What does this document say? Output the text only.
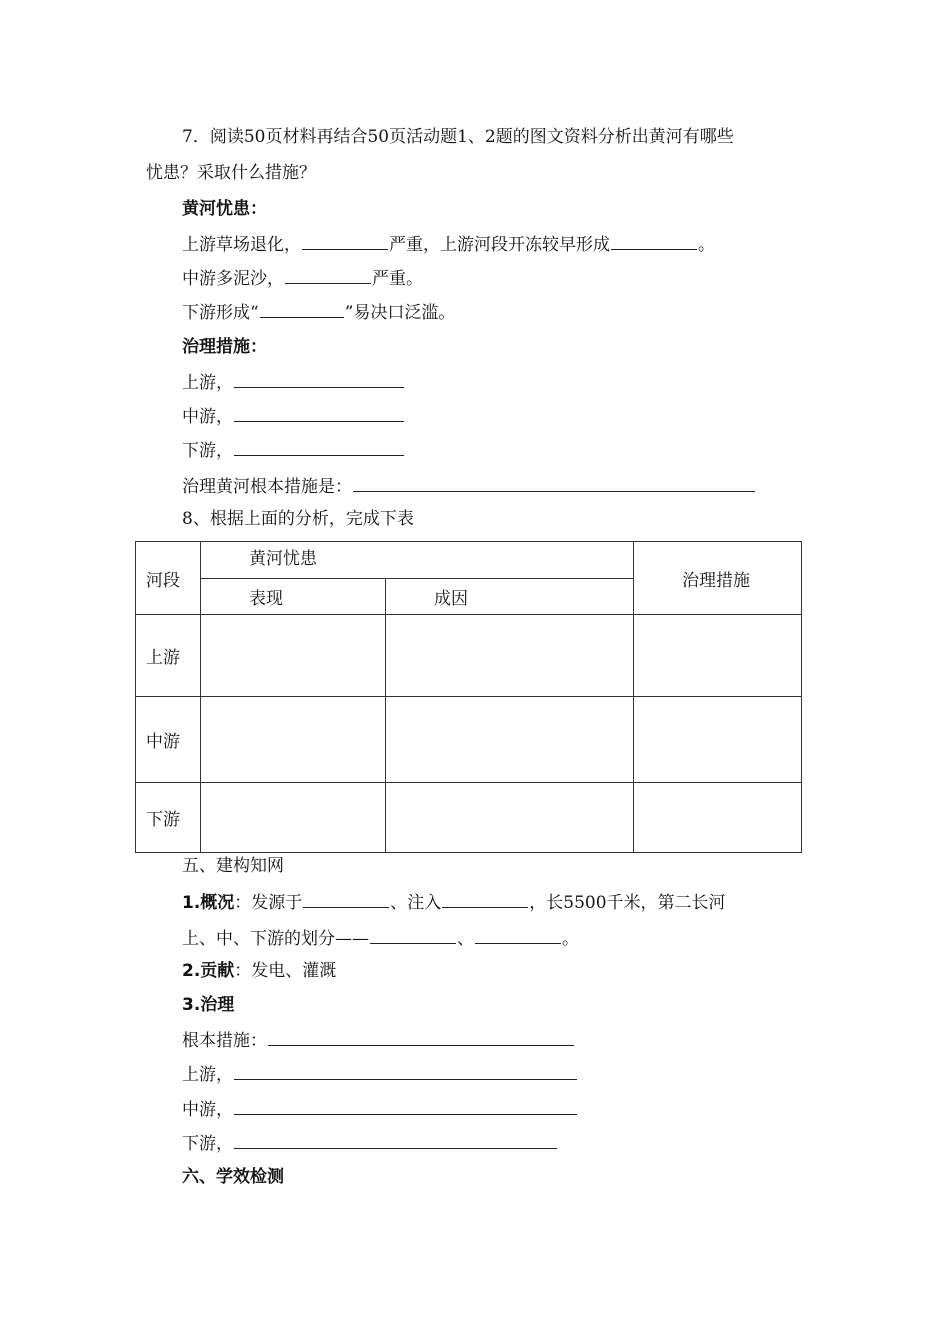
7．阅读50页材料再结合50页活动题1、2题的图文资料分析出黄河有哪些
忧患？采取什么措施？
黄河忧患：
上游草场退化，	严重，上游河段开冻较早形成	。
中游多泥沙，	严重。
下游形成“	”易决口泛滥。
治理措施：
上游，
中游，
下游，
治理黄河根本措施是：
8、根据上面的分析，完成下表
河段	黄河忧患		治理措施
	表现	成因	
上游			
中游			
下游			
五、建构知网
1.概况：发源于	、注入	，长5500千米，第二长河
上、中、下游的划分——	、	。
2.贡献：发电、灌溉
3.治理
根本措施：
上游，
中游，
下游，
六、学效检测
